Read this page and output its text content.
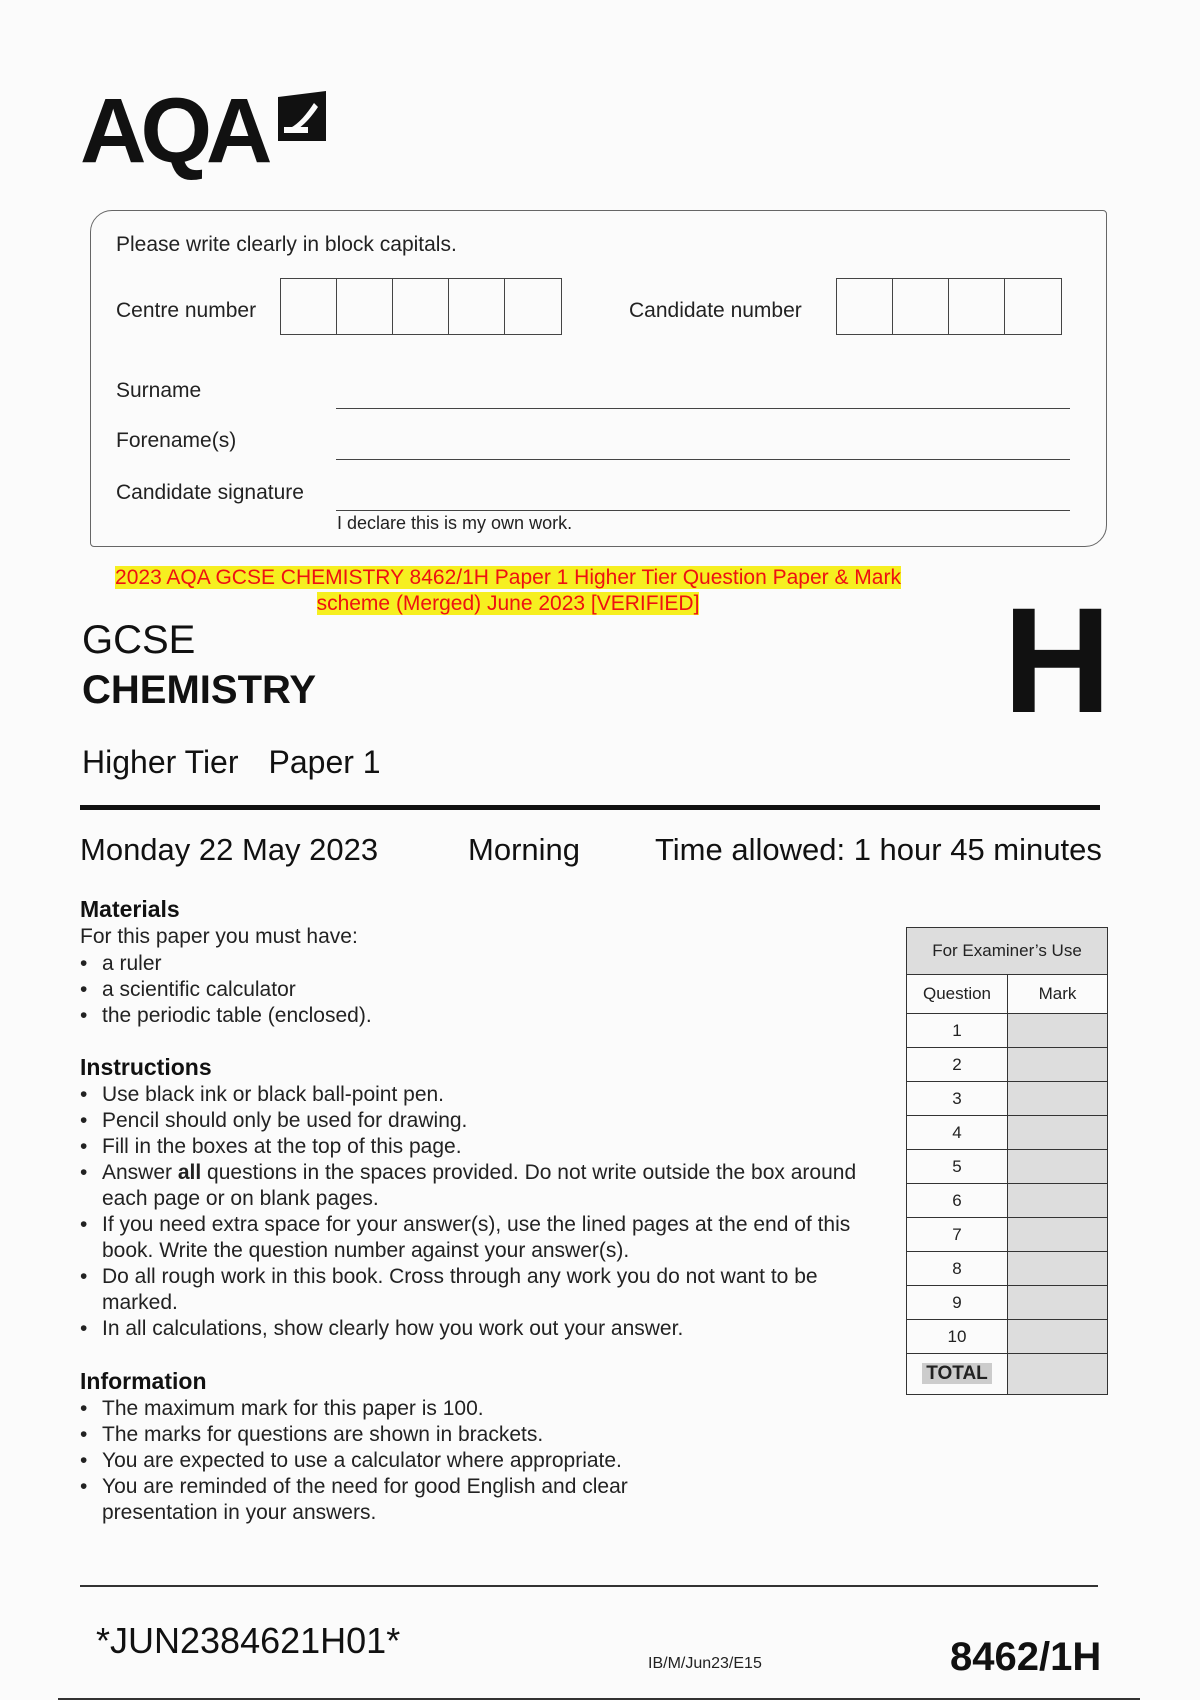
AQA
Please write clearly in block capitals.
Centre number	Candidate number
Surname
Forename(s)
Candidate signature
I declare this is my own work.
2023 AQA GCSE CHEMISTRY 8462/1H Paper 1 Higher Tier Question Paper & Mark
scheme (Merged) June 2023 [VERIFIED]
GCSE
CHEMISTRY	H
Higher Tier Paper 1
Monday 22 May 2023	Morning Time allowed: 1 hour 45 minutes
Materials
For this paper you must have:
• a ruler
• a scientific calculator
• the periodic table (enclosed).
Instructions
• Use black ink or black ball-point pen.
• Pencil should only be used for drawing.
• Fill in the boxes at the top of this page.
• Answer all questions in the spaces provided. Do not write outside the box around each page or on blank pages.
• If you need extra space for your answer(s), use the lined pages at the end of this book. Write the question number against your answer(s).
• Do all rough work in this book. Cross through any work you do not want to be marked.
• In all calculations, show clearly how you work out your answer.
Information
• The maximum mark for this paper is 100.
• The marks for questions are shown in brackets.
• You are expected to use a calculator where appropriate.
• You are reminded of the need for good English and clear presentation in your answers.
For Examiner’s Use	
Question	Mark
1	
2	
3	
4	
5	
6	
7	
8	
9	
10	
TOTAL	
*JUN2384621H01*
IB/M/Jun23/E15	8462/1H
